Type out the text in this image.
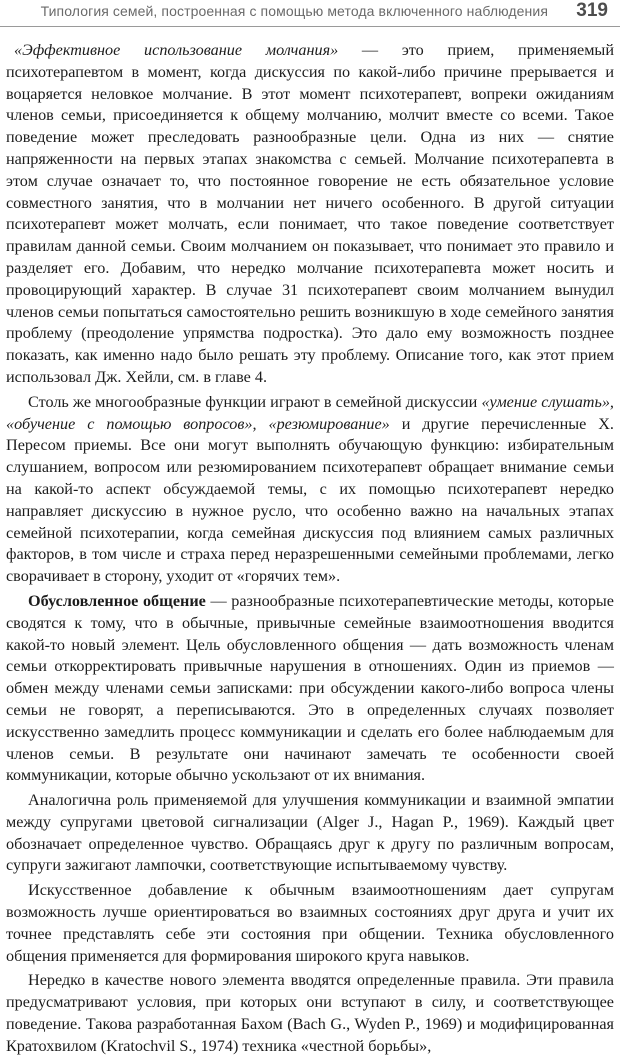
Типология семей, построенная с помощью метода включенного наблюдения 319

«Эффективное использование молчания» — это прием, применяемый психотерапевтом в момент, когда дискуссия по какой-либо причине прерывается и воцаряется неловкое молчание. В этот момент психотерапевт, вопреки ожиданиям членов семьи, присоединяется к общему молчанию, молчит вместе со всеми. Такое поведение может преследовать разнообразные цели. Одна из них — снятие напряженности на первых этапах знакомства с семьей. Молчание психотерапевта в этом случае означает то, что постоянное говорение не есть обязательное условие совместного занятия, что в молчании нет ничего особенного. В другой ситуации психотерапевт может молчать, если понимает, что такое поведение соответствует правилам данной семьи. Своим молчанием он показывает, что понимает это правило и разделяет его. Добавим, что нередко молчание психотерапевта может носить и провоцирующий характер. В случае 31 психотерапевт своим молчанием вынудил членов семьи попытаться самостоятельно решить возникшую в ходе семейного занятия проблему (преодоление упрямства подростка). Это дало ему возможность позднее показать, как именно надо было решать эту проблему. Описание того, как этот прием использовал Дж. Хейли, см. в главе 4.

Столь же многообразные функции играют в семейной дискуссии «умение слушать», «обучение с помощью вопросов», «резюмирование» и другие перечисленные Х. Пересом приемы. Все они могут выполнять обучающую функцию: избирательным слушанием, вопросом или резюмированием психотерапевт обращает внимание семьи на какой-то аспект обсуждаемой темы, с их помощью психотерапевт нередко направляет дискуссию в нужное русло, что особенно важно на начальных этапах семейной психотерапии, когда семейная дискуссия под влиянием самых различных факторов, в том числе и страха перед неразрешенными семейными проблемами, легко сворачивает в сторону, уходит от «горячих тем».

Обусловленное общение — разнообразные психотерапевтические методы, которые сводятся к тому, что в обычные, привычные семейные взаимоотношения вводится какой-то новый элемент. Цель обусловленного общения — дать возможность членам семьи откорректировать привычные нарушения в отношениях. Один из приемов — обмен между членами семьи записками: при обсуждении какого-либо вопроса члены семьи не говорят, а переписываются. Это в определенных случаях позволяет искусственно замедлить процесс коммуникации и сделать его более наблюдаемым для членов семьи. В результате они начинают замечать те особенности своей коммуникации, которые обычно ускользают от их внимания.

Аналогична роль применяемой для улучшения коммуникации и взаимной эмпатии между супругами цветовой сигнализации (Alger J., Hagan P., 1969). Каждый цвет обозначает определенное чувство. Обращаясь друг к другу по различным вопросам, супруги зажигают лампочки, соответствующие испытываемому чувству.

Искусственное добавление к обычным взаимоотношениям дает супругам возможность лучше ориентироваться во взаимных состояниях друг друга и учит их точнее представлять себе эти состояния при общении. Техника обусловленного общения применяется для формирования широкого круга навыков.

Нередко в качестве нового элемента вводятся определенные правила. Эти правила предусматривают условия, при которых они вступают в силу, и соответствующее поведение. Такова разработанная Бахом (Bach G., Wyden P., 1969) и модифицированная Кратохвилом (Kratochvil S., 1974) техника «честной борьбы»,
